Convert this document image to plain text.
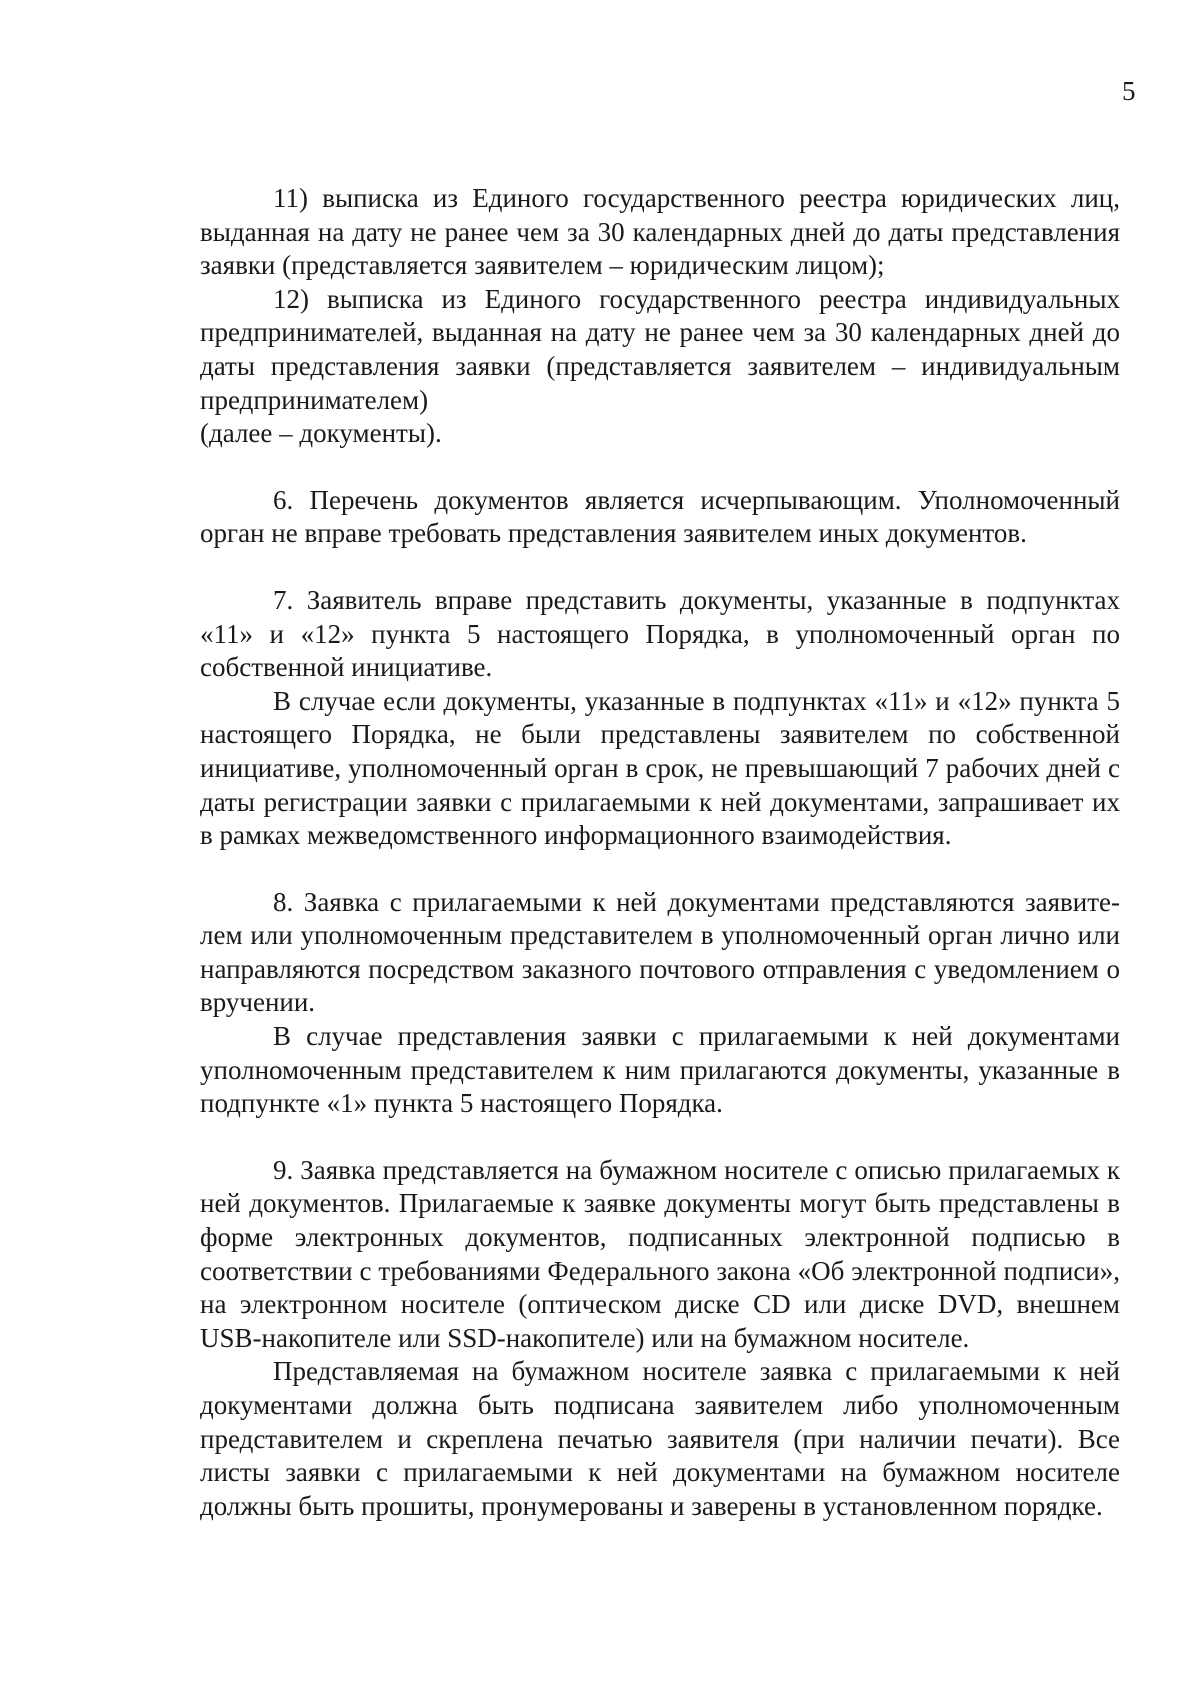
5

11) выписка из Единого государственного реестра юридических лиц, выданная на дату не ранее чем за 30 календарных дней до даты представления заявки (представляется заявителем – юридическим лицом);

12) выписка из Единого государственного реестра индивидуальных предпринимателей, выданная на дату не ранее чем за 30 календарных дней до даты представления заявки (представляется заявителем – индивидуальным предпринимателем)

(далее – документы).

6. Перечень документов является исчерпывающим. Уполномоченный орган не вправе требовать представления заявителем иных документов.

7. Заявитель вправе представить документы, указанные в подпунктах «11» и «12» пункта 5 настоящего Порядка, в уполномоченный орган по собственной инициативе.

В случае если документы, указанные в подпунктах «11» и «12» пункта 5 настоящего Порядка, не были представлены заявителем по собственной инициативе, уполномоченный орган в срок, не превышающий 7 рабочих дней с даты регистрации заявки с прилагаемыми к ней документами, запрашивает их в рамках межведомственного информационного взаимодействия.

8. Заявка с прилагаемыми к ней документами представляются заявителем или уполномоченным представителем в уполномоченный орган лично или направляются посредством заказного почтового отправления с уведомлением о вручении.

В случае представления заявки с прилагаемыми к ней документами уполномоченным представителем к ним прилагаются документы, указанные в подпункте «1» пункта 5 настоящего Порядка.

9. Заявка представляется на бумажном носителе с описью прилагаемых к ней документов. Прилагаемые к заявке документы могут быть представлены в форме электронных документов, подписанных электронной подписью в соответствии с требованиями Федерального закона «Об электронной подписи», на электронном носителе (оптическом диске CD или диске DVD, внешнем USB-накопителе или SSD-накопителе) или на бумажном носителе.

Представляемая на бумажном носителе заявка с прилагаемыми к ней документами должна быть подписана заявителем либо уполномоченным представителем и скреплена печатью заявителя (при наличии печати). Все листы заявки с прилагаемыми к ней документами на бумажном носителе должны быть прошиты, пронумерованы и заверены в установленном порядке.
